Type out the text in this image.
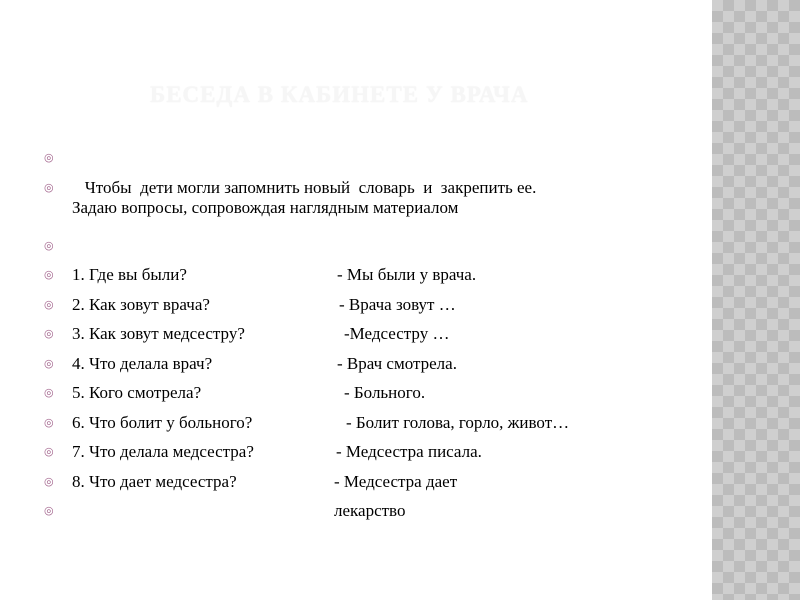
БЕСЕДА В КАБИНЕТЕ У ВРАЧА
◎
◎ Чтобы  дети могли запомнить новый  словарь  и  закрепить ее.
Задаю вопросы, сопровождая наглядным материалом
◎
◎ 1. Где вы были?	- Мы были у врача.
◎ 2. Как зовут врача?	- Врача зовут …
◎ 3. Как зовут медсестру?	-Медсестру …
◎ 4. Что делала врач?	- Врач смотрела.
◎ 5. Кого смотрела?	- Больного.
◎ 6. Что болит у больного?	- Болит голова, горло, живот…
◎ 7. Что делала медсестра?	- Медсестра писала.
◎ 8. Что дает медсестра?	- Медсестра дает
◎	лекарство
